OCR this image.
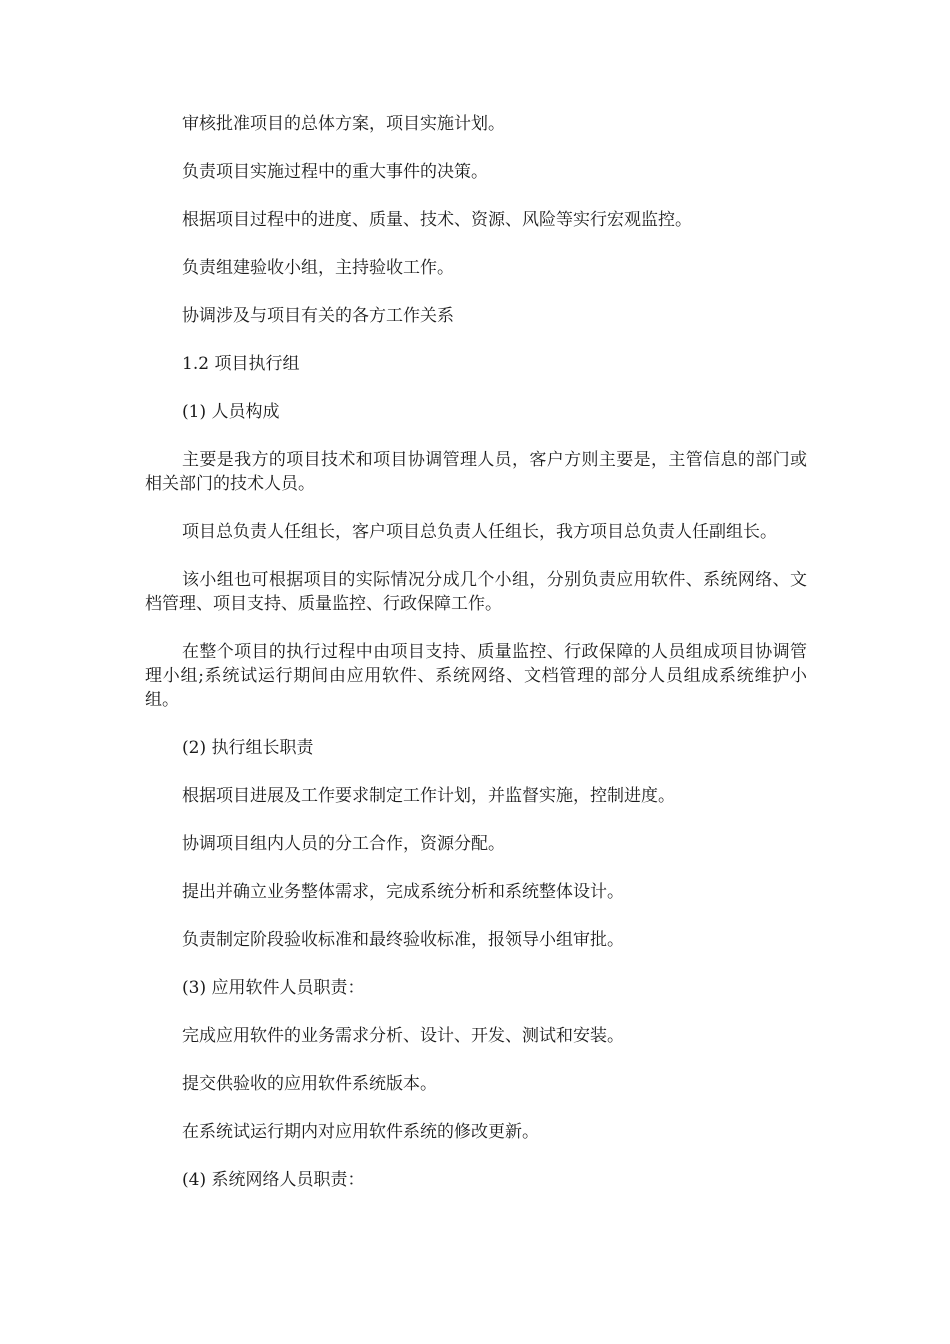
审核批准项目的总体方案，项目实施计划。

负责项目实施过程中的重大事件的决策。

根据项目过程中的进度、质量、技术、资源、风险等实行宏观监控。

负责组建验收小组，主持验收工作。

协调涉及与项目有关的各方工作关系

1.2 项目执行组

(1) 人员构成

主要是我方的项目技术和项目协调管理人员，客户方则主要是，主管信息的部门或相关部门的技术人员。

项目总负责人任组长，客户项目总负责人任组长，我方项目总负责人任副组长。

该小组也可根据项目的实际情况分成几个小组，分别负责应用软件、系统网络、文档管理、项目支持、质量监控、行政保障工作。

在整个项目的执行过程中由项目支持、质量监控、行政保障的人员组成项目协调管理小组;系统试运行期间由应用软件、系统网络、文档管理的部分人员组成系统维护小组。

(2) 执行组长职责

根据项目进展及工作要求制定工作计划，并监督实施，控制进度。

协调项目组内人员的分工合作，资源分配。

提出并确立业务整体需求，完成系统分析和系统整体设计。

负责制定阶段验收标准和最终验收标准，报领导小组审批。

(3) 应用软件人员职责：

完成应用软件的业务需求分析、设计、开发、测试和安装。

提交供验收的应用软件系统版本。

在系统试运行期内对应用软件系统的修改更新。

(4) 系统网络人员职责：
